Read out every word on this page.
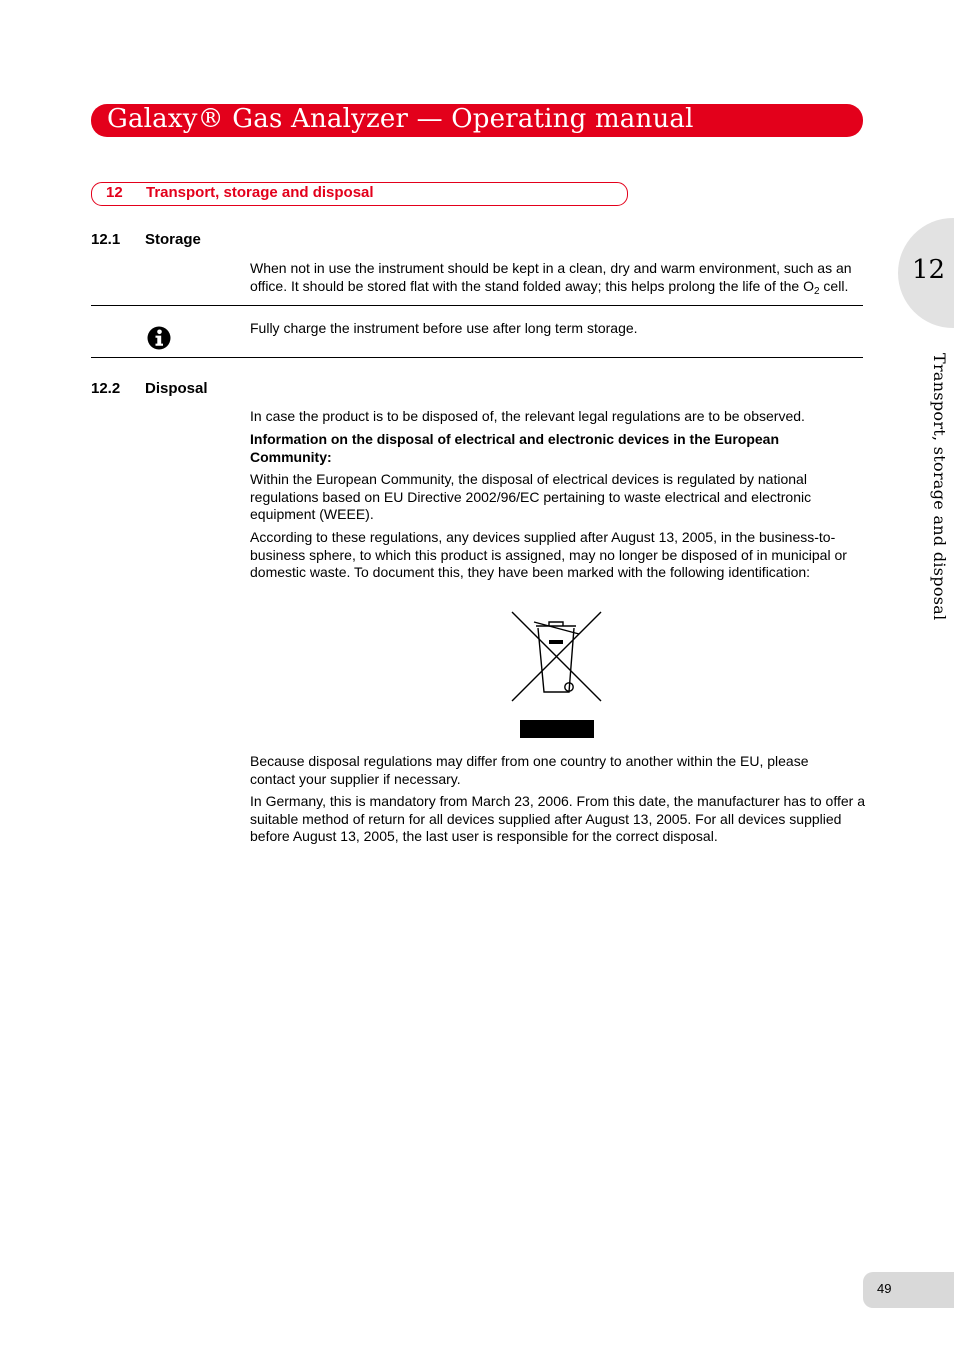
Galaxy® Gas Analyzer — Operating manual
12 Transport, storage and disposal
12
Transport, storage and disposal
12.1 Storage
When not in use the instrument should be kept in a clean, dry and warm environment, such as an office. It should be stored flat with the stand folded away; this helps prolong the life of the $O_2$ cell.
Fully charge the instrument before use after long term storage.
12.2 Disposal
In case the product is to be disposed of, the relevant legal regulations are to be observed.
Information on the disposal of electrical and electronic devices in the European Community:
Within the European Community, the disposal of electrical devices is regulated by national regulations based on EU Directive 2002/96/EC pertaining to waste electrical and electronic equipment (WEEE).
According to these regulations, any devices supplied after August 13, 2005, in the business-to-business sphere, to which this product is assigned, may no longer be disposed of in municipal or domestic waste. To document this, they have been marked with the following identification:
Because disposal regulations may differ from one country to another within the EU, please contact your supplier if necessary.
In Germany, this is mandatory from March 23, 2006. From this date, the manufacturer has to offer a suitable method of return for all devices supplied after August 13, 2005. For all devices supplied before August 13, 2005, the last user is responsible for the correct disposal.
49
